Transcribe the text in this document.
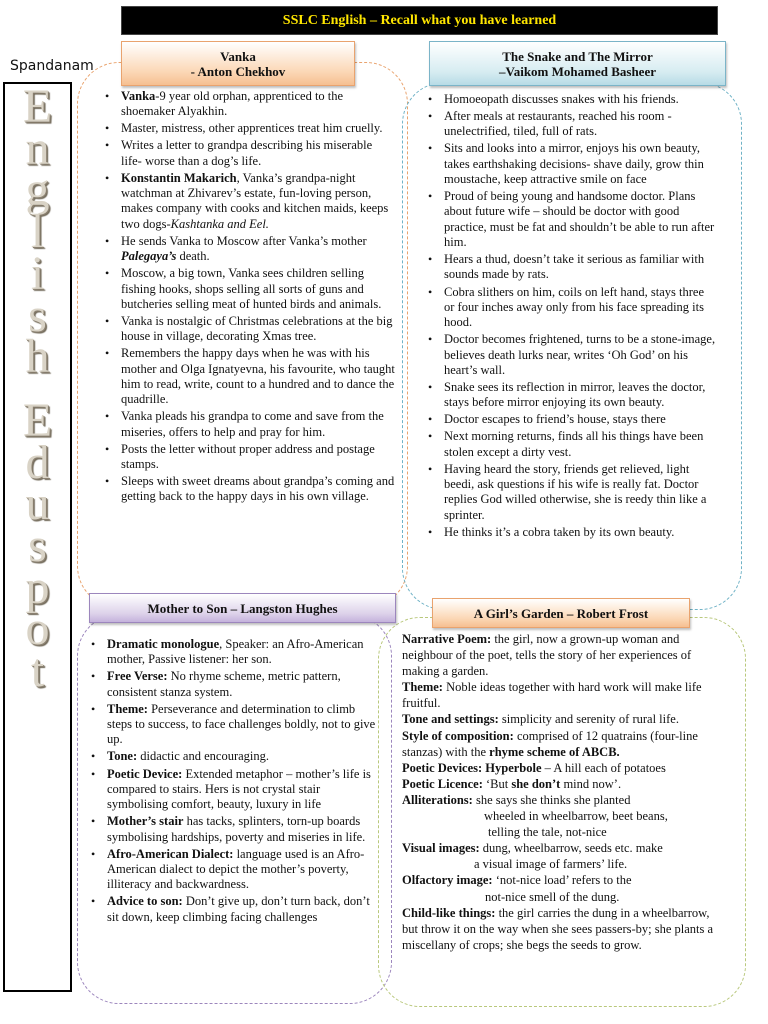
SSLC English – Recall what you have learned
Spandanam
E
n
g
l
i
s
h

E
d
u
s
p
o
t
Vanka
- Anton Chekhov
The Snake and The Mirror
–Vaikom Mohamed Basheer
Mother to Son – Langston Hughes	A Girl’s Garden – Robert Frost
• Vanka-9 year old orphan, apprenticed to the shoemaker Alyakhin.
• Master, mistress, other apprentices treat him cruelly.
• Writes a letter to grandpa describing his miserable life- worse than a dog’s life.
• Konstantin Makarich, Vanka’s grandpa-night watchman at Zhivarev’s estate, fun-loving person, makes company with cooks and kitchen maids, keeps two dogs-Kashtanka and Eel.
• He sends Vanka to Moscow after Vanka’s mother Palegaya’s death.
• Moscow, a big town, Vanka sees children selling fishing hooks, shops selling all sorts of guns and butcheries selling meat of hunted birds and animals.
• Vanka is nostalgic of Christmas celebrations at the big house in village, decorating Xmas tree.
• Remembers the happy days when he was with his mother and Olga Ignatyevna, his favourite, who taught him to read, write, count to a hundred and to dance the quadrille.
• Vanka pleads his grandpa to come and save from the miseries, offers to help and pray for him.
• Posts the letter without proper address and postage stamps.
• Sleeps with sweet dreams about grandpa’s coming and getting back to the happy days in his own village.
• Homoeopath discusses snakes with his friends.
• After meals at restaurants, reached his room - unelectrified, tiled, full of rats.
• Sits and looks into a mirror, enjoys his own beauty, takes earthshaking decisions- shave daily, grow thin moustache, keep attractive smile on face
• Proud of being young and handsome doctor. Plans about future wife – should be doctor with good practice, must be fat and shouldn’t be able to run after him.
• Hears a thud, doesn’t take it serious as familiar with sounds made by rats.
• Cobra slithers on him, coils on left hand, stays three or four inches away only from his face spreading its hood.
• Doctor becomes frightened, turns to be a stone-image, believes death lurks near, writes ‘Oh God’ on his heart’s wall.
• Snake sees its reflection in mirror, leaves the doctor, stays before mirror enjoying its own beauty.
• Doctor escapes to friend’s house, stays there
• Next morning returns, finds all his things have been stolen except a dirty vest.
• Having heard the story, friends get relieved, light beedi, ask questions if his wife is really fat. Doctor replies God willed otherwise, she is reedy thin like a sprinter.
• He thinks it’s a cobra taken by its own beauty.
• Dramatic monologue, Speaker: an Afro-American mother, Passive listener: her son.
• Free Verse: No rhyme scheme, metric pattern, consistent stanza system.
• Theme: Perseverance and determination to climb steps to success, to face challenges boldly, not to give up.
• Tone: didactic and encouraging.
• Poetic Device: Extended metaphor – mother’s life is compared to stairs. Hers is not crystal stair symbolising comfort, beauty, luxury in life
• Mother’s stair has tacks, splinters, torn-up boards symbolising hardships, poverty and miseries in life.
• Afro-American Dialect: language used is an Afro-American dialect to depict the mother’s poverty, illiteracy and backwardness.
• Advice to son: Don’t give up, don’t turn back, don’t sit down, keep climbing facing challenges

Narrative Poem: the girl, now a grown-up woman and neighbour of the poet, tells the story of her experiences of making a garden.

Theme: Noble ideas together with hard work will make life fruitful.

Tone and settings: simplicity and serenity of rural life.

Style of composition: comprised of 12 quatrains (four-line stanzas) with the rhyme scheme of ABCB.

Poetic Devices: Hyperbole – A hill each of potatoes

Poetic Licence: ‘But she don’t mind now’.

Alliterations: she says she thinks she planted

wheeled in wheelbarrow, beet beans,

telling the tale, not-nice

Visual images: dung, wheelbarrow, seeds etc. make

a visual image of farmers’ life.

Olfactory image: ‘not-nice load’ refers to the

not-nice smell of the dung.

Child-like things: the girl carries the dung in a wheelbarrow, but throw it on the way when she sees passers-by; she plants a miscellany of crops; she begs the seeds to grow.
